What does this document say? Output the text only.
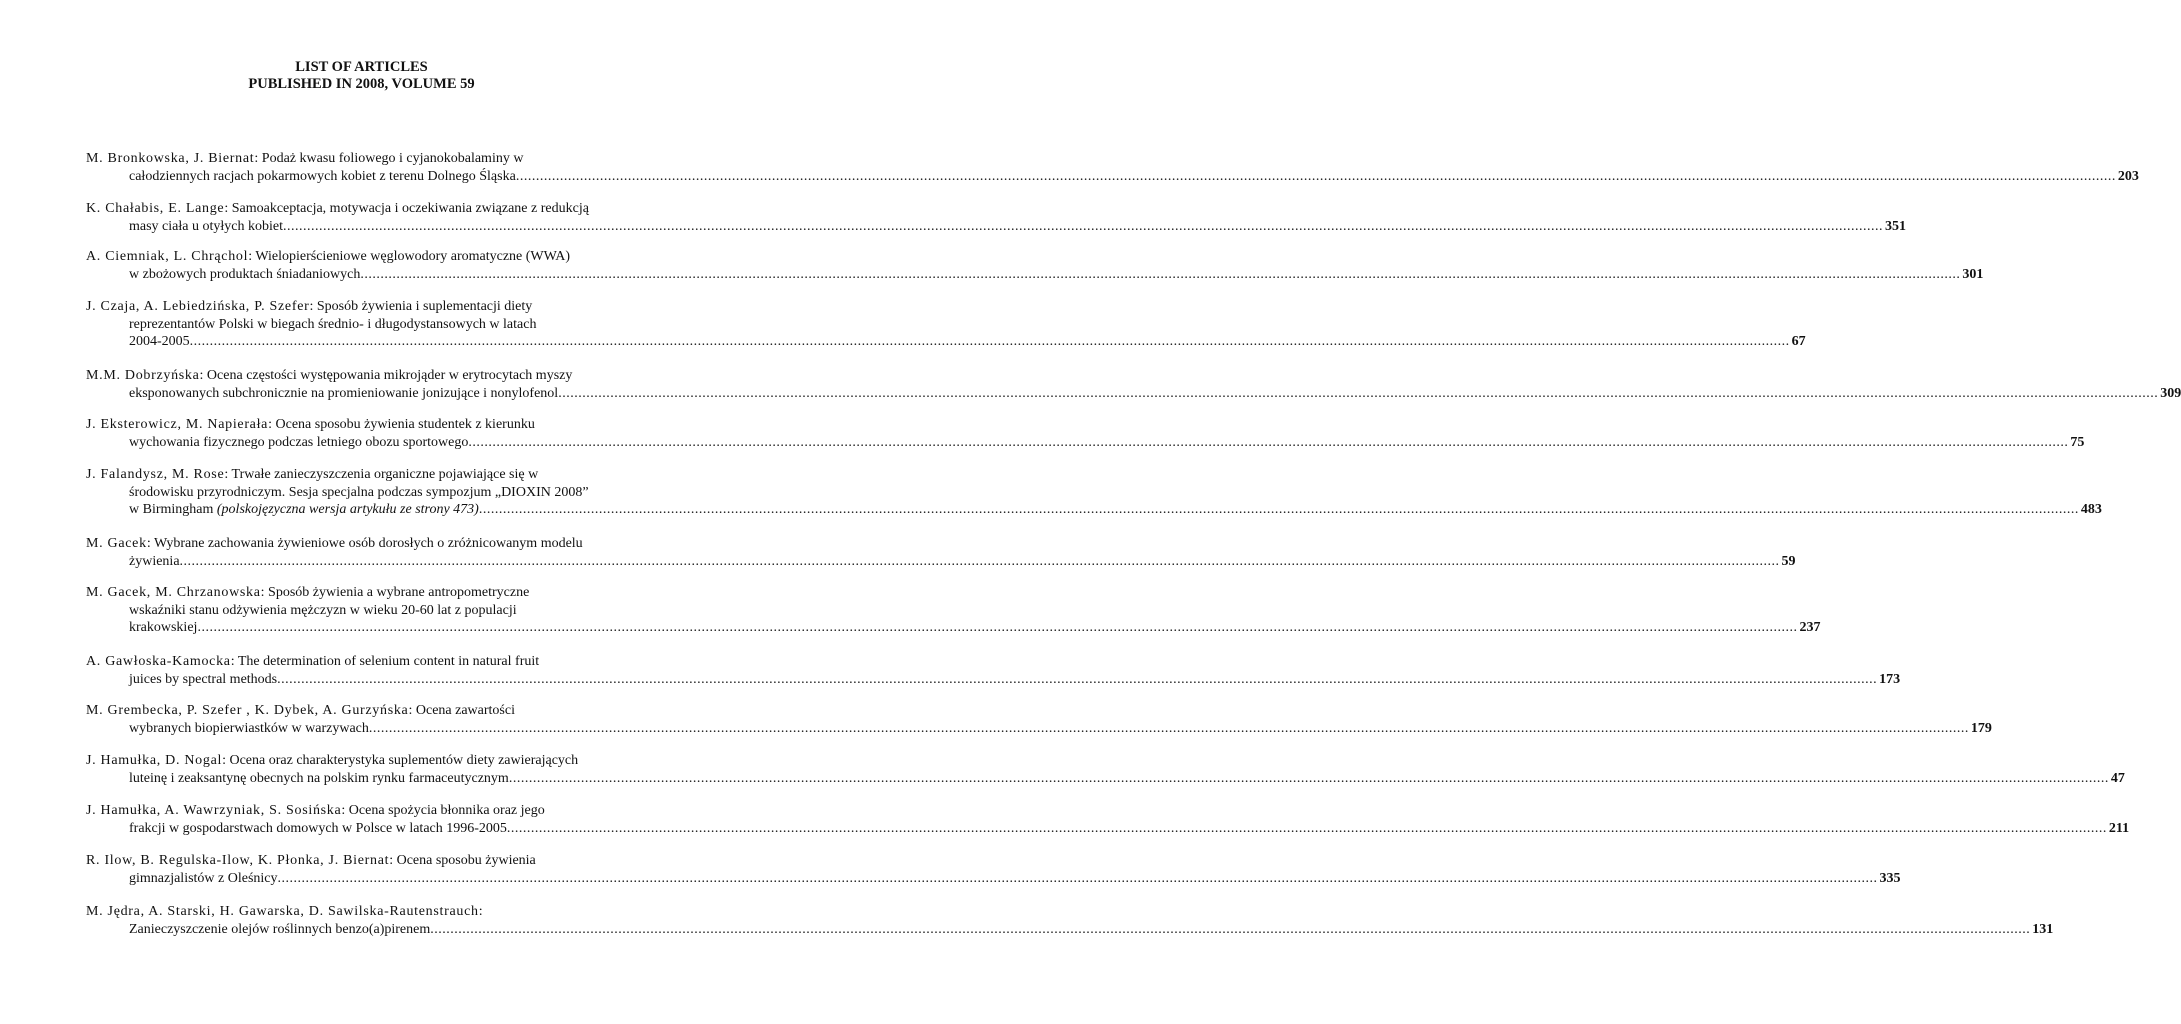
LIST OF ARTICLES
PUBLISHED IN 2008, VOLUME 59
M. Bronkowska, J. Biernat: Podaż kwasu foliowego i cyjanokobalaminy w
całodziennych racjach pokarmowych kobiet z terenu Dolnego Śląska ................................................................................................................................................................................................................................................................................................................................................................................................................ 203
K. Chałabis, E. Lange: Samoakceptacja, motywacja i oczekiwania związane z redukcją
masy ciała u otyłych kobiet ................................................................................................................................................................................................................................................................................................................................................................................................................ 351
A. Ciemniak, L. Chrąchol: Wielopierścieniowe węglowodory aromatyczne (WWA)
w zbożowych produktach śniadaniowych ................................................................................................................................................................................................................................................................................................................................................................................................................ 301
J. Czaja, A. Lebiedzińska, P. Szefer: Sposób żywienia i suplementacji diety
reprezentantów Polski w biegach średnio- i długodystansowych w latach
2004-2005 ................................................................................................................................................................................................................................................................................................................................................................................................................ 67
M.M. Dobrzyńska: Ocena częstości występowania mikrojąder w erytrocytach myszy
eksponowanych subchronicznie na promieniowanie jonizujące i nonylofenol ................................................................................................................................................................................................................................................................................................................................................................................................................ 309
J. Eksterowicz, M. Napierała: Ocena sposobu żywienia studentek z kierunku
wychowania fizycznego podczas letniego obozu sportowego ................................................................................................................................................................................................................................................................................................................................................................................................................ 75
J. Falandysz, M. Rose: Trwałe zanieczyszczenia organiczne pojawiające się w
środowisku przyrodniczym. Sesja specjalna podczas sympozjum „DIOXIN 2008”
w Birmingham (polskojęzyczna wersja artykułu ze strony 473) ................................................................................................................................................................................................................................................................................................................................................................................................................ 483
M. Gacek: Wybrane zachowania żywieniowe osób dorosłych o zróżnicowanym modelu
żywienia ................................................................................................................................................................................................................................................................................................................................................................................................................ 59
M. Gacek, M. Chrzanowska: Sposób żywienia a wybrane antropometryczne
wskaźniki stanu odżywienia mężczyzn w wieku 20-60 lat z populacji
krakowskiej ................................................................................................................................................................................................................................................................................................................................................................................................................ 237
A. Gawłoska-Kamocka: The determination of selenium content in natural fruit
juices by spectral methods ................................................................................................................................................................................................................................................................................................................................................................................................................ 173
M. Grembecka, P. Szefer , K. Dybek, A. Gurzyńska: Ocena zawartości
wybranych biopierwiastków w warzywach ................................................................................................................................................................................................................................................................................................................................................................................................................ 179
J. Hamułka, D. Nogal: Ocena oraz charakterystyka suplementów diety zawierających
luteinę i zeaksantynę obecnych na polskim rynku farmaceutycznym ................................................................................................................................................................................................................................................................................................................................................................................................................ 47
J. Hamułka, A. Wawrzyniak, S. Sosińska: Ocena spożycia błonnika oraz jego
frakcji w gospodarstwach domowych w Polsce w latach 1996-2005 ................................................................................................................................................................................................................................................................................................................................................................................................................ 211
R. Ilow, B. Regulska-Ilow, K. Płonka, J. Biernat: Ocena sposobu żywienia
gimnazjalistów z Oleśnicy ................................................................................................................................................................................................................................................................................................................................................................................................................ 335
M. Jędra, A. Starski, H. Gawarska, D. Sawilska-Rautenstrauch:
Zanieczyszczenie olejów roślinnych benzo(a)pirenem ................................................................................................................................................................................................................................................................................................................................................................................................................ 131
